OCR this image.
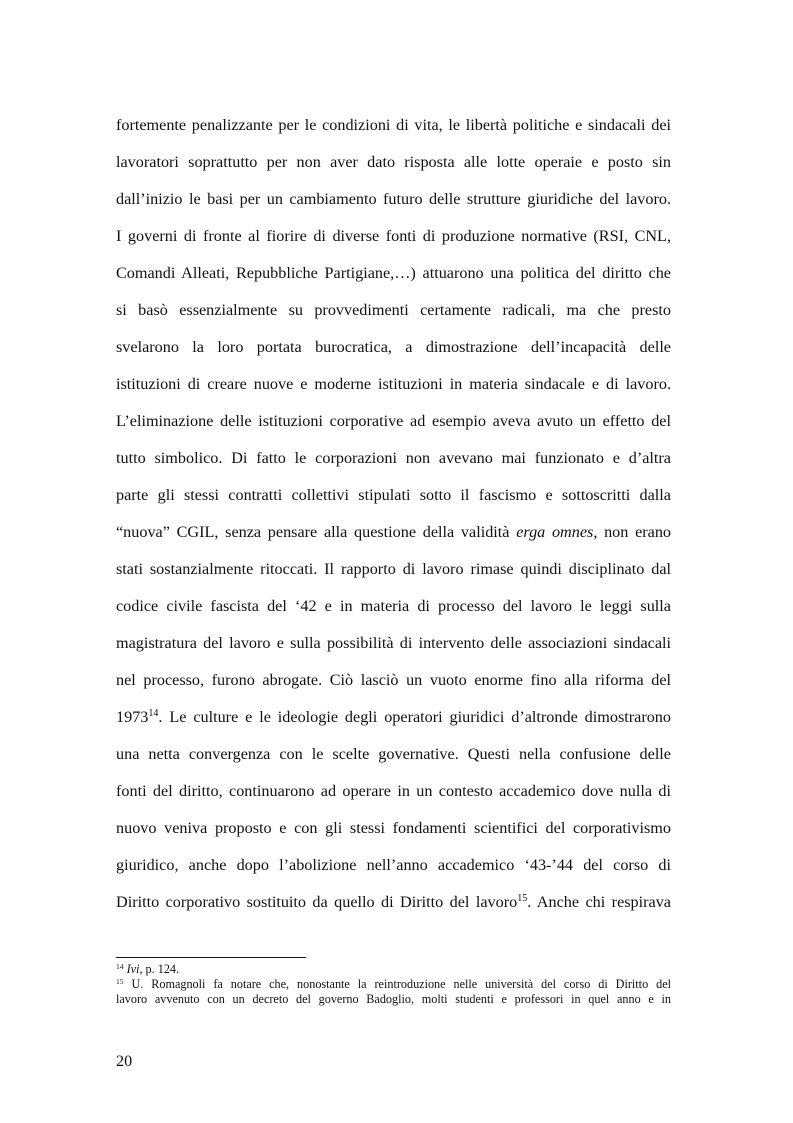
fortemente penalizzante per le condizioni di vita, le libertà politiche e sindacali dei
lavoratori soprattutto per non aver dato risposta alle lotte operaie e posto sin
dall’inizio le basi per un cambiamento futuro delle strutture giuridiche del lavoro.
I governi di fronte al fiorire di diverse fonti di produzione normative (RSI, CNL,
Comandi Alleati, Repubbliche Partigiane,…) attuarono una politica del diritto che
si basò essenzialmente su provvedimenti certamente radicali, ma che presto
svelarono la loro portata burocratica, a dimostrazione dell’incapacità delle
istituzioni di creare nuove e moderne istituzioni in materia sindacale e di lavoro.
L’eliminazione delle istituzioni corporative ad esempio aveva avuto un effetto del
tutto simbolico. Di fatto le corporazioni non avevano mai funzionato e d’altra
parte gli stessi contratti collettivi stipulati sotto il fascismo e sottoscritti dalla
“nuova” CGIL, senza pensare alla questione della validità erga omnes, non erano
stati sostanzialmente ritoccati. Il rapporto di lavoro rimase quindi disciplinato dal
codice civile fascista del ‘42 e in materia di processo del lavoro le leggi sulla
magistratura del lavoro e sulla possibilità di intervento delle associazioni sindacali
nel processo, furono abrogate. Ciò lasciò un vuoto enorme fino alla riforma del
1973$^{14}$. Le culture e le ideologie degli operatori giuridici d’altronde dimostrarono
una netta convergenza con le scelte governative. Questi nella confusione delle
fonti del diritto, continuarono ad operare in un contesto accademico dove nulla di
nuovo veniva proposto e con gli stessi fondamenti scientifici del corporativismo
giuridico, anche dopo l’abolizione nell’anno accademico ‘43-’44 del corso di
Diritto corporativo sostituito da quello di Diritto del lavoro$^{15}$. Anche chi respirava
$^{14}$ Ivi, p. 124.
$^{15}$ U. Romagnoli fa notare che, nonostante la reintroduzione nelle università del corso di Diritto del
lavoro avvenuto con un decreto del governo Badoglio, molti studenti e professori in quel anno e in
20
